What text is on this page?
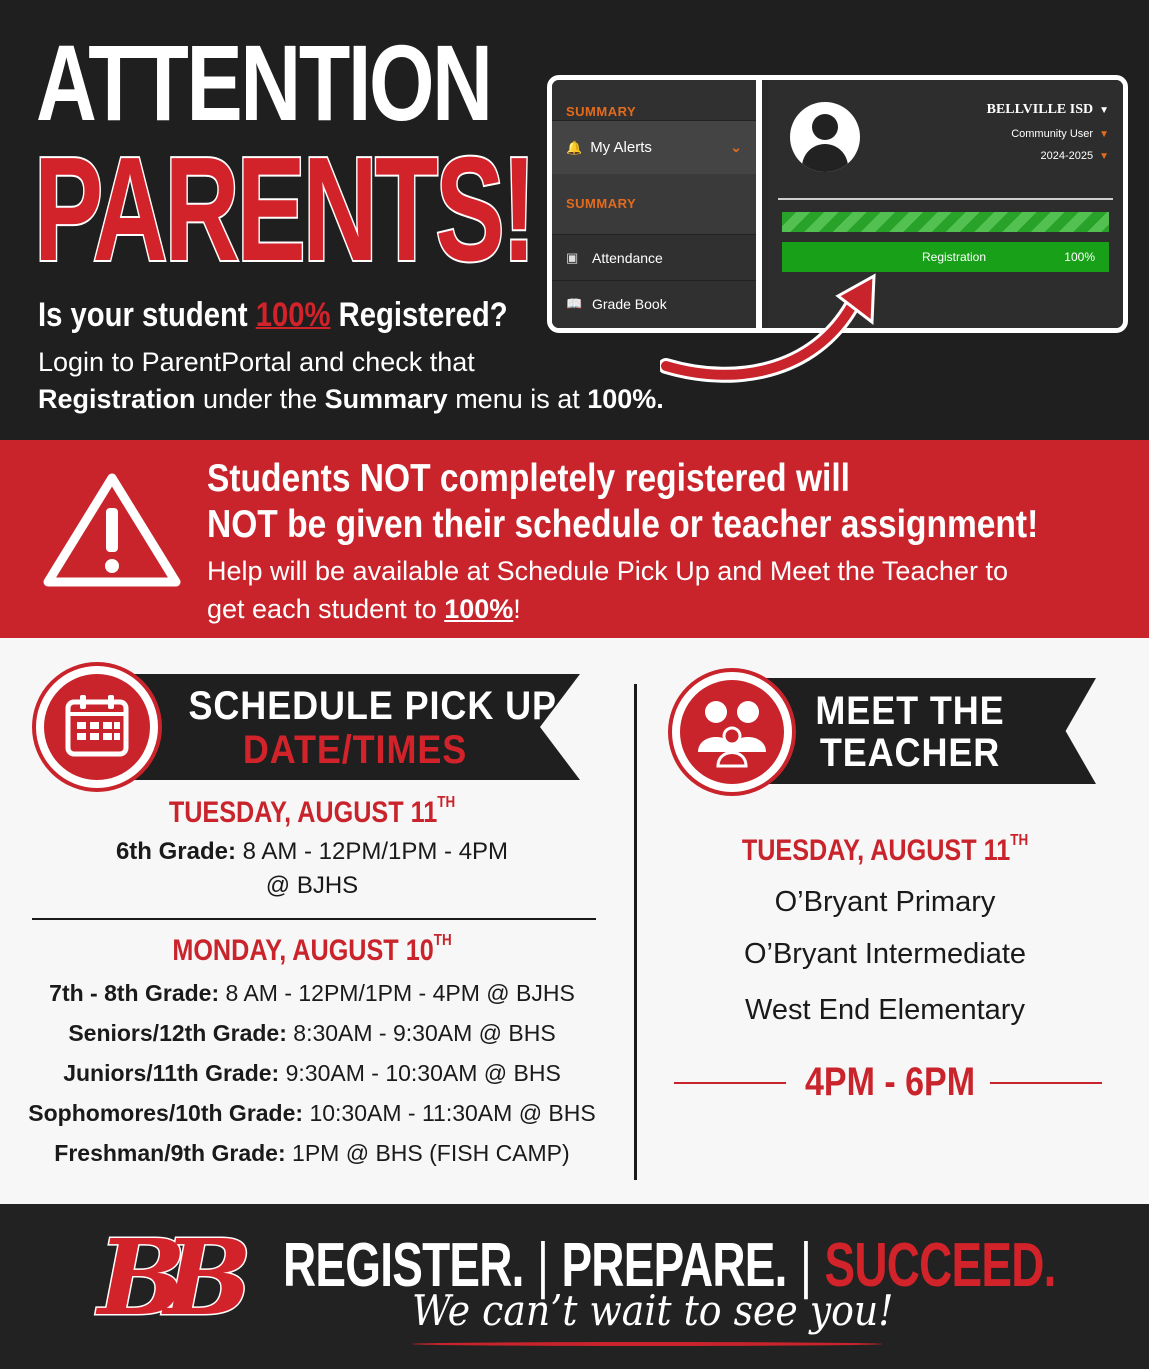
ATTENTION
PARENTS!
Is your student 100% Registered?
Login to ParentPortal and check that
Registration under the Summary menu is at 100%.
SUMMARY
🔔 My Alerts	⌄
SUMMARY
▣ Attendance
📖 Grade Book
BELLVILLE ISD ▼
Community User ▼
2024-2025 ▼
Registration	100%
Students NOT completely registered will
NOT be given their schedule or teacher assignment!
Help will be available at Schedule Pick Up and Meet the Teacher to
get each student to 100%!
SCHEDULE PICK UP
DATE/TIMES
TUESDAY, AUGUST 11TH
6th Grade: 8 AM - 12PM/1PM - 4PM
@ BJHS
MONDAY, AUGUST 10TH
7th - 8th Grade: 8 AM - 12PM/1PM - 4PM @ BJHS
Seniors/12th Grade: 8:30AM - 9:30AM @ BHS
Juniors/11th Grade: 9:30AM - 10:30AM @ BHS
Sophomores/10th Grade: 10:30AM - 11:30AM @ BHS
Freshman/9th Grade: 1PM @ BHS (FISH CAMP)
MEET THE
TEACHER
TUESDAY, AUGUST 11TH
O’Bryant Primary
O’Bryant Intermediate
West End Elementary
4PM - 6PM
BB REGISTER. | PREPARE. | SUCCEED.
We can’t wait to see you!
